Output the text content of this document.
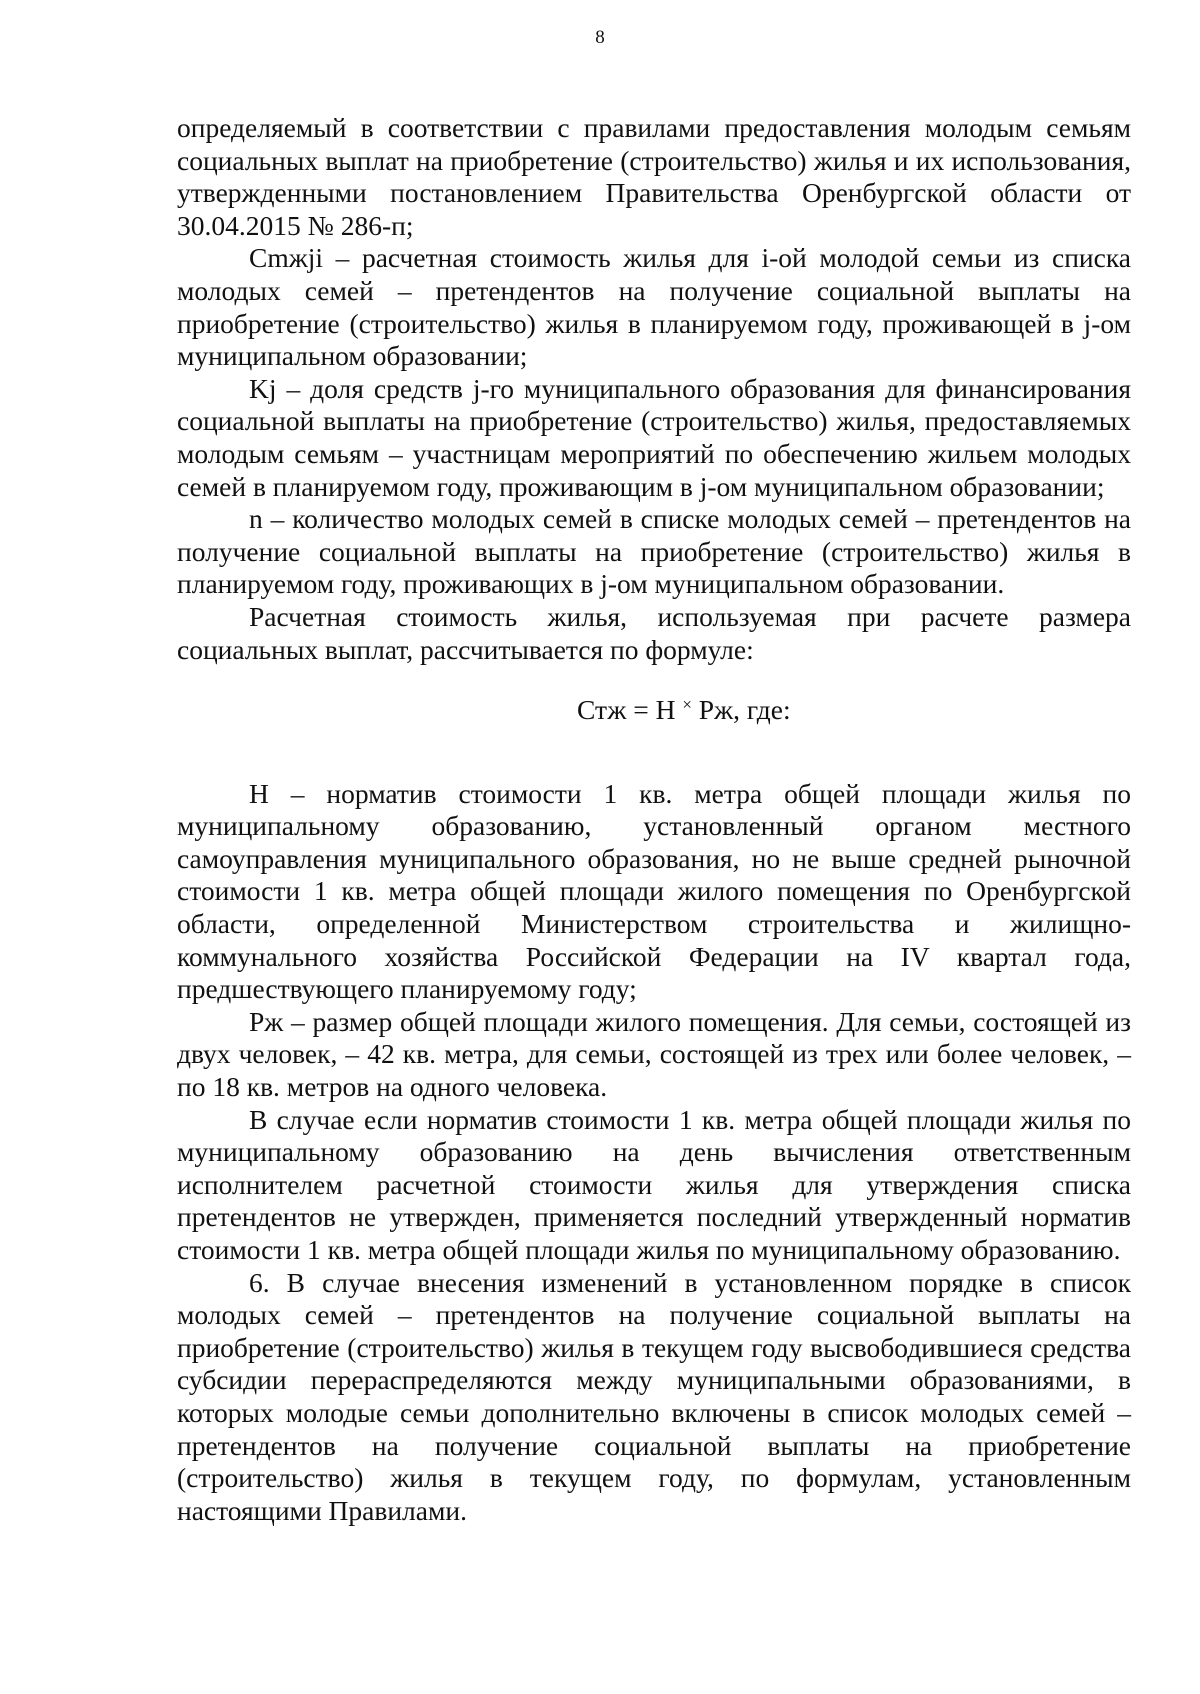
8

определяемый в соответствии с правилами предоставления молодым семьям социальных выплат на приобретение (строительство) жилья и их использования, утвержденными постановлением Правительства Оренбургской области от 30.04.2015 № 286-п;

Cmжji – расчетная стоимость жилья для i-ой молодой семьи из списка молодых семей – претендентов на получение социальной выплаты на приобретение (строительство) жилья в планируемом году, проживающей в j-ом муниципальном образовании;

Kj – доля средств j-го муниципального образования для финансирования социальной выплаты на приобретение (строительство) жилья, предоставляемых молодым семьям – участницам мероприятий по обеспечению жильем молодых семей в планируемом году, проживающим в j-ом муниципальном образовании;

n – количество молодых семей в списке молодых семей – претендентов на получение социальной выплаты на приобретение (строительство) жилья в планируемом году, проживающих в j-ом муниципальном образовании.

Расчетная стоимость жилья, используемая при расчете размера социальных выплат, рассчитывается по формуле:

Стж = Н × Рж, где:

Н – норматив стоимости 1 кв. метра общей площади жилья по муниципальному образованию, установленный органом местного самоуправления муниципального образования, но не выше средней рыночной стоимости 1 кв. метра общей площади жилого помещения по Оренбургской области, определенной Министерством строительства и жилищно-коммунального хозяйства Российской Федерации на IV квартал года, предшествующего планируемому году;

Рж – размер общей площади жилого помещения. Для семьи, состоящей из двух человек, – 42 кв. метра, для семьи, состоящей из трех или более человек, – по 18 кв. метров на одного человека.

В случае если норматив стоимости 1 кв. метра общей площади жилья по муниципальному образованию на день вычисления ответственным исполнителем расчетной стоимости жилья для утверждения списка претендентов не утвержден, применяется последний утвержденный норматив стоимости 1 кв. метра общей площади жилья по муниципальному образованию.

6. В случае внесения изменений в установленном порядке в список молодых семей – претендентов на получение социальной выплаты на приобретение (строительство) жилья в текущем году высвободившиеся средства субсидии перераспределяются между муниципальными образованиями, в которых молодые семьи дополнительно включены в список молодых семей – претендентов на получение социальной выплаты на приобретение (строительство) жилья в текущем году, по формулам, установленным настоящими Правилами.
